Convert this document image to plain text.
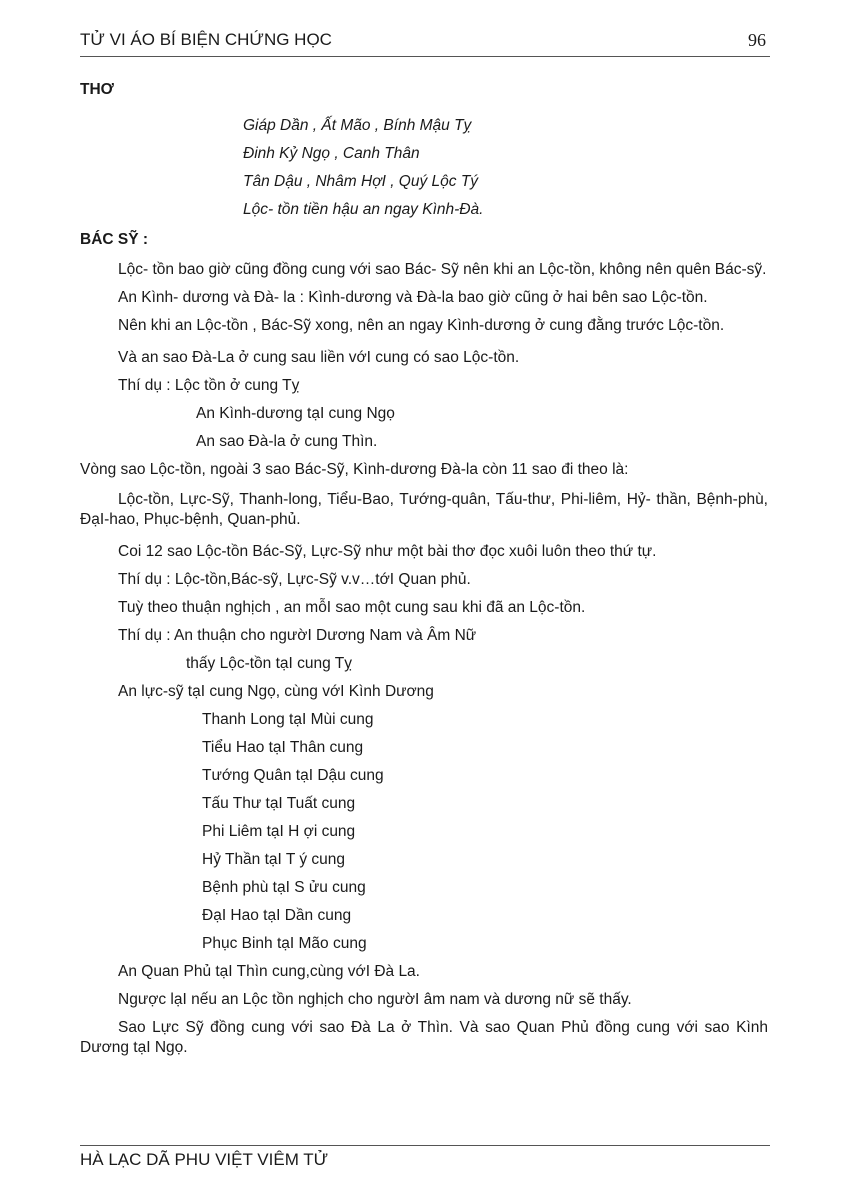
TỬ VI ÁO BÍ BIỆN CHỨNG HỌC	96

THƠ

Giáp Dần , Ất Mão , Bính Mậu Tỵ
Đinh Kỷ Ngọ , Canh Thân
Tân Dậu , Nhâm HợI , Quý Lộc Tý
Lộc- tồn tiền hậu an ngay Kình-Đà.

BÁC SỸ :

Lộc- tồn bao giờ cũng đồng cung với sao Bác- Sỹ nên khi an Lộc-tồn, không nên quên Bác-sỹ.

An Kình- dương và Đà- la : Kình-dương và Đà-la bao giờ cũng ở hai bên sao Lộc-tồn.

Nên khi an Lộc-tồn , Bác-Sỹ xong, nên an ngay Kình-dương ở cung đằng trước Lộc-tồn.

Và an sao Đà-La ở cung sau liền vớI cung có sao Lộc-tồn.
Thí dụ : Lộc tồn ở cung Tỵ
An Kình-dương tạI cung Ngọ
An sao Đà-la ở cung Thìn.
Vòng sao Lộc-tồn, ngoài 3 sao Bác-Sỹ, Kình-dương Đà-la còn 11 sao đi theo là:

Lộc-tồn, Lực-Sỹ, Thanh-long, Tiểu-Bao, Tướng-quân, Tấu-thư, Phi-liêm, Hỷ- thần, Bệnh-phù, ĐạI-hao, Phục-bệnh, Quan-phủ.

Coi 12 sao Lộc-tồn Bác-Sỹ, Lực-Sỹ như một bài thơ đọc xuôi luôn theo thứ tự.
Thí dụ : Lộc-tồn,Bác-sỹ, Lực-Sỹ v.v…tớI Quan phủ.
Tuỳ theo thuận nghịch , an mỗI sao một cung sau khi đã an Lộc-tồn.
Thí dụ : An thuận cho ngườI Dương Nam và Âm Nữ
thấy Lộc-tồn tạI cung Tỵ
An lực-sỹ tạI cung Ngọ, cùng vớI Kình Dương
Thanh Long tạI Mùi cung
Tiểu Hao tạI Thân cung
Tướng Quân tạI Dậu cung
Tấu Thư tạI Tuất cung
Phi Liêm tạI H ợi cung
Hỷ Thần tạI T ý cung
Bệnh phù tạI S ửu cung
ĐạI Hao tạI Dần cung
Phục Binh tạI Mão cung
An Quan Phủ tạI Thìn cung,cùng vớI Đà La.
Ngược lạI nếu an Lộc tồn nghịch cho ngườI âm nam và dương nữ sẽ thấy.

Sao Lực Sỹ đồng cung với sao Đà La ở Thìn. Và sao Quan Phủ đồng cung với sao Kình Dương tạI Ngọ.

HÀ LẠC DÃ PHU VIỆT VIÊM TỬ
